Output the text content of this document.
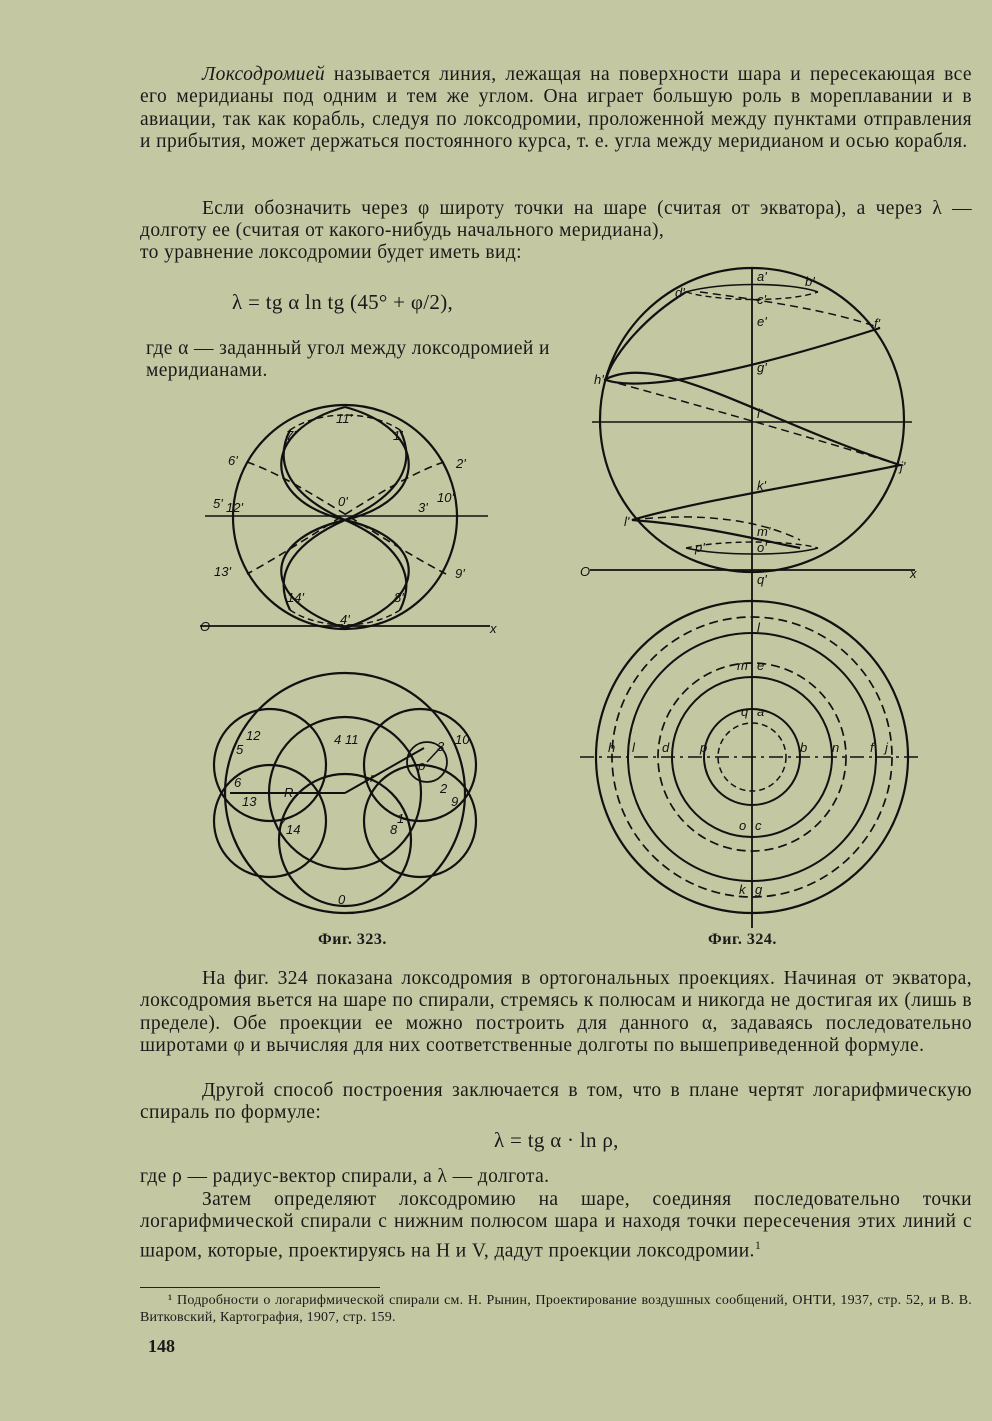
Локсодромией называется линия, лежащая на поверхности шара и пересекающая все его меридианы под одним и тем же углом. Она играет большую роль в мореплавании и в авиации, так как корабль, следуя по локсодромии, проложенной между пунктами отправления и прибытия, может держаться постоянного курса, т. е. угла между меридианом и осью корабля.
Если обозначить через φ широту точки на шаре (считая от экватора), а через λ — долготу ее (считая от какого-нибудь начального меридиана),
то уравнение локсодромии будет иметь вид:
λ = tg α ln tg (45° + φ/2),
где α — заданный угол между локсодромией и меридианами.
11'
7'	1'
6'	2'
5' 12'	0'	3'
10'
13'	9'
14'	8'
4'
O	x
12
5
4 11	3 10
R
r
ρ
6
13
2
9
7 14
1
8
0
a'
d'
b'
c'
e'	f'
g'
h'
i'
j'
k'
l'
m'
p'	o'
q'
O	x
l
m e
q a
h l d p	b n f j
o c
k g
Фиг. 323.	Фиг. 324.
На фиг. 324 показана локсодромия в ортогональных проекциях. Начиная от экватора, локсодромия вьется на шаре по спирали, стремясь к полюсам и никогда не достигая их (лишь в пределе). Обе проекции ее можно построить для данного α, задаваясь последовательно широтами φ и вычисляя для них соответственные долготы по вышеприведенной формуле.
Другой способ построения заключается в том, что в плане чертят логарифмическую спираль по формуле:
λ = tg α · ln ρ,
где ρ — радиус-вектор спирали, а λ — долгота.
Затем определяют локсодромию на шаре, соединяя последовательно точки логарифмической спирали с нижним полюсом шара и находя точки пересечения этих линий с шаром, которые, проектируясь на H и V, дадут проекции локсодромии.$^1$
¹ Подробности о логарифмической спирали см. Н. Рынин, Проектирование воздушных сообщений, ОНТИ, 1937, стр. 52, и В. В. Витковский, Картография, 1907, стр. 159.
148
